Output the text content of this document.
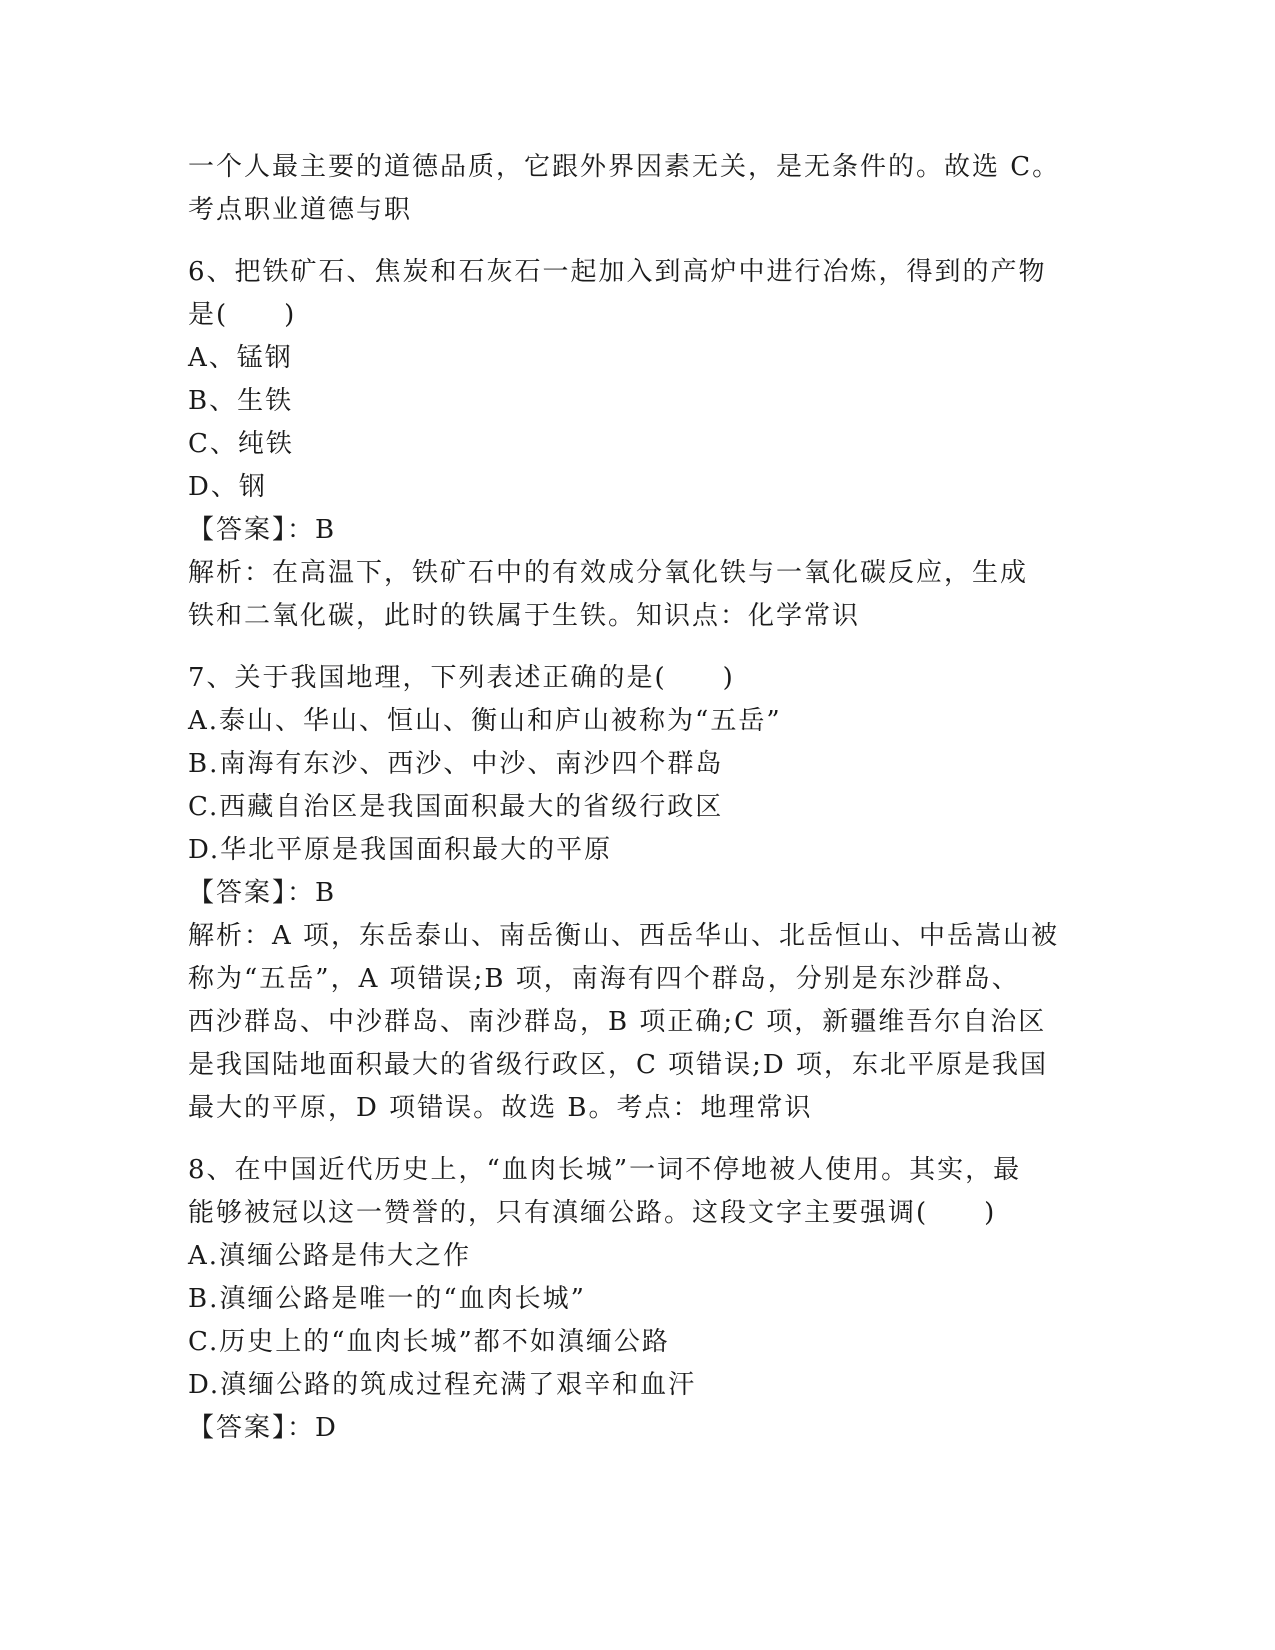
一个人最主要的道德品质，它跟外界因素无关，是无条件的。故选 C。
考点职业道德与职
6、把铁矿石、焦炭和石灰石一起加入到高炉中进行冶炼，得到的产物
是(　　)
A、锰钢
B、生铁
C、纯铁
D、钢
【答案】：B
解析：在高温下，铁矿石中的有效成分氧化铁与一氧化碳反应，生成
铁和二氧化碳，此时的铁属于生铁。知识点：化学常识
7、关于我国地理，下列表述正确的是(　　)
A.泰山、华山、恒山、衡山和庐山被称为“五岳”
B.南海有东沙、西沙、中沙、南沙四个群岛
C.西藏自治区是我国面积最大的省级行政区
D.华北平原是我国面积最大的平原
【答案】：B
解析：A 项，东岳泰山、南岳衡山、西岳华山、北岳恒山、中岳嵩山被
称为“五岳”，A 项错误;B 项，南海有四个群岛，分别是东沙群岛、
西沙群岛、中沙群岛、南沙群岛，B 项正确;C 项，新疆维吾尔自治区
是我国陆地面积最大的省级行政区，C 项错误;D 项，东北平原是我国
最大的平原，D 项错误。故选 B。考点：地理常识
8、在中国近代历史上，“血肉长城”一词不停地被人使用。其实，最
能够被冠以这一赞誉的，只有滇缅公路。这段文字主要强调(　　)
A.滇缅公路是伟大之作
B.滇缅公路是唯一的“血肉长城”
C.历史上的“血肉长城”都不如滇缅公路
D.滇缅公路的筑成过程充满了艰辛和血汗
【答案】：D
